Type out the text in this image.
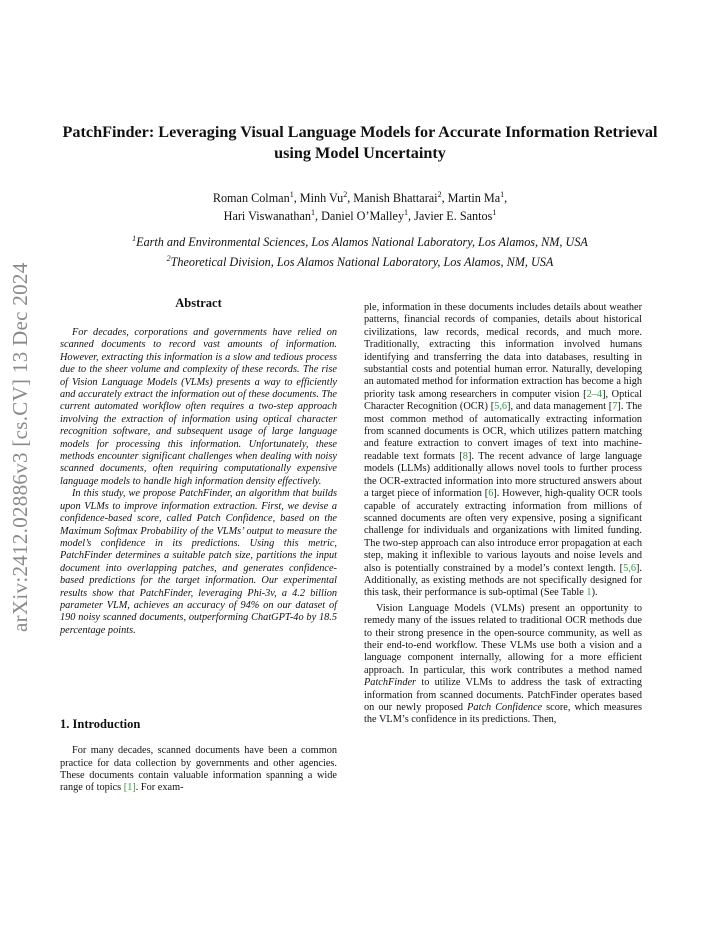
arXiv:2412.02886v3 [cs.CV] 13 Dec 2024
PatchFinder: Leveraging Visual Language Models for Accurate Information Retrieval using Model Uncertainty
Roman Colman$^1$, Minh Vu$^2$, Manish Bhattarai$^2$, Martin Ma$^1$,
Hari Viswanathan$^1$, Daniel O’Malley$^1$, Javier E. Santos$^1$
$^1$Earth and Environmental Sciences, Los Alamos National Laboratory, Los Alamos, NM, USA
$^2$Theoretical Division, Los Alamos National Laboratory, Los Alamos, NM, USA
Abstract

For decades, corporations and governments have relied on scanned documents to record vast amounts of information. However, extracting this information is a slow and tedious process due to the sheer volume and complexity of these records. The rise of Vision Language Models (VLMs) presents a way to efficiently and accurately extract the information out of these documents. The current automated workflow often requires a two-step approach involving the extraction of information using optical character recognition software, and subsequent usage of large language models for processing this information. Unfortunately, these methods encounter significant challenges when dealing with noisy scanned documents, often requiring computationally expensive language models to handle high information density effectively.

In this study, we propose PatchFinder, an algorithm that builds upon VLMs to improve information extraction. First, we devise a confidence-based score, called Patch Confidence, based on the Maximum Softmax Probability of the VLMs’ output to measure the model’s confidence in its predictions. Using this metric, PatchFinder determines a suitable patch size, partitions the input document into overlapping patches, and generates confidence-based predictions for the target information. Our experimental results show that PatchFinder, leveraging Phi-3v, a 4.2 billion parameter VLM, achieves an accuracy of 94% on our dataset of 190 noisy scanned documents, outperforming ChatGPT-4o by 18.5 percentage points.

1. Introduction

For many decades, scanned documents have been a common practice for data collection by governments and other agencies. These documents contain valuable information spanning a wide range of topics [1]. For exam-

ple, information in these documents includes details about weather patterns, financial records of companies, details about historical civilizations, law records, medical records, and much more. Traditionally, extracting this information involved humans identifying and transferring the data into databases, resulting in substantial costs and potential human error. Naturally, developing an automated method for information extraction has become a high priority task among researchers in computer vision [2–4], Optical Character Recognition (OCR) [5,6], and data management [7]. The most common method of automatically extracting information from scanned documents is OCR, which utilizes pattern matching and feature extraction to convert images of text into machine-readable text formats [8]. The recent advance of large language models (LLMs) additionally allows novel tools to further process the OCR-extracted information into more structured answers about a target piece of information [6]. However, high-quality OCR tools capable of accurately extracting information from millions of scanned documents are often very expensive, posing a significant challenge for individuals and organizations with limited funding. The two-step approach can also introduce error propagation at each step, making it inflexible to various layouts and noise levels and also is potentially constrained by a model’s context length. [5,6]. Additionally, as existing methods are not specifically designed for this task, their performance is sub-optimal (See Table 1).

Vision Language Models (VLMs) present an opportunity to remedy many of the issues related to traditional OCR methods due to their strong presence in the open-source community, as well as their end-to-end workflow. These VLMs use both a vision and a language component internally, allowing for a more efficient approach. In particular, this work contributes a method named PatchFinder to utilize VLMs to address the task of extracting information from scanned documents. PatchFinder operates based on our newly proposed Patch Confidence score, which measures the VLM’s confidence in its predictions. Then,
